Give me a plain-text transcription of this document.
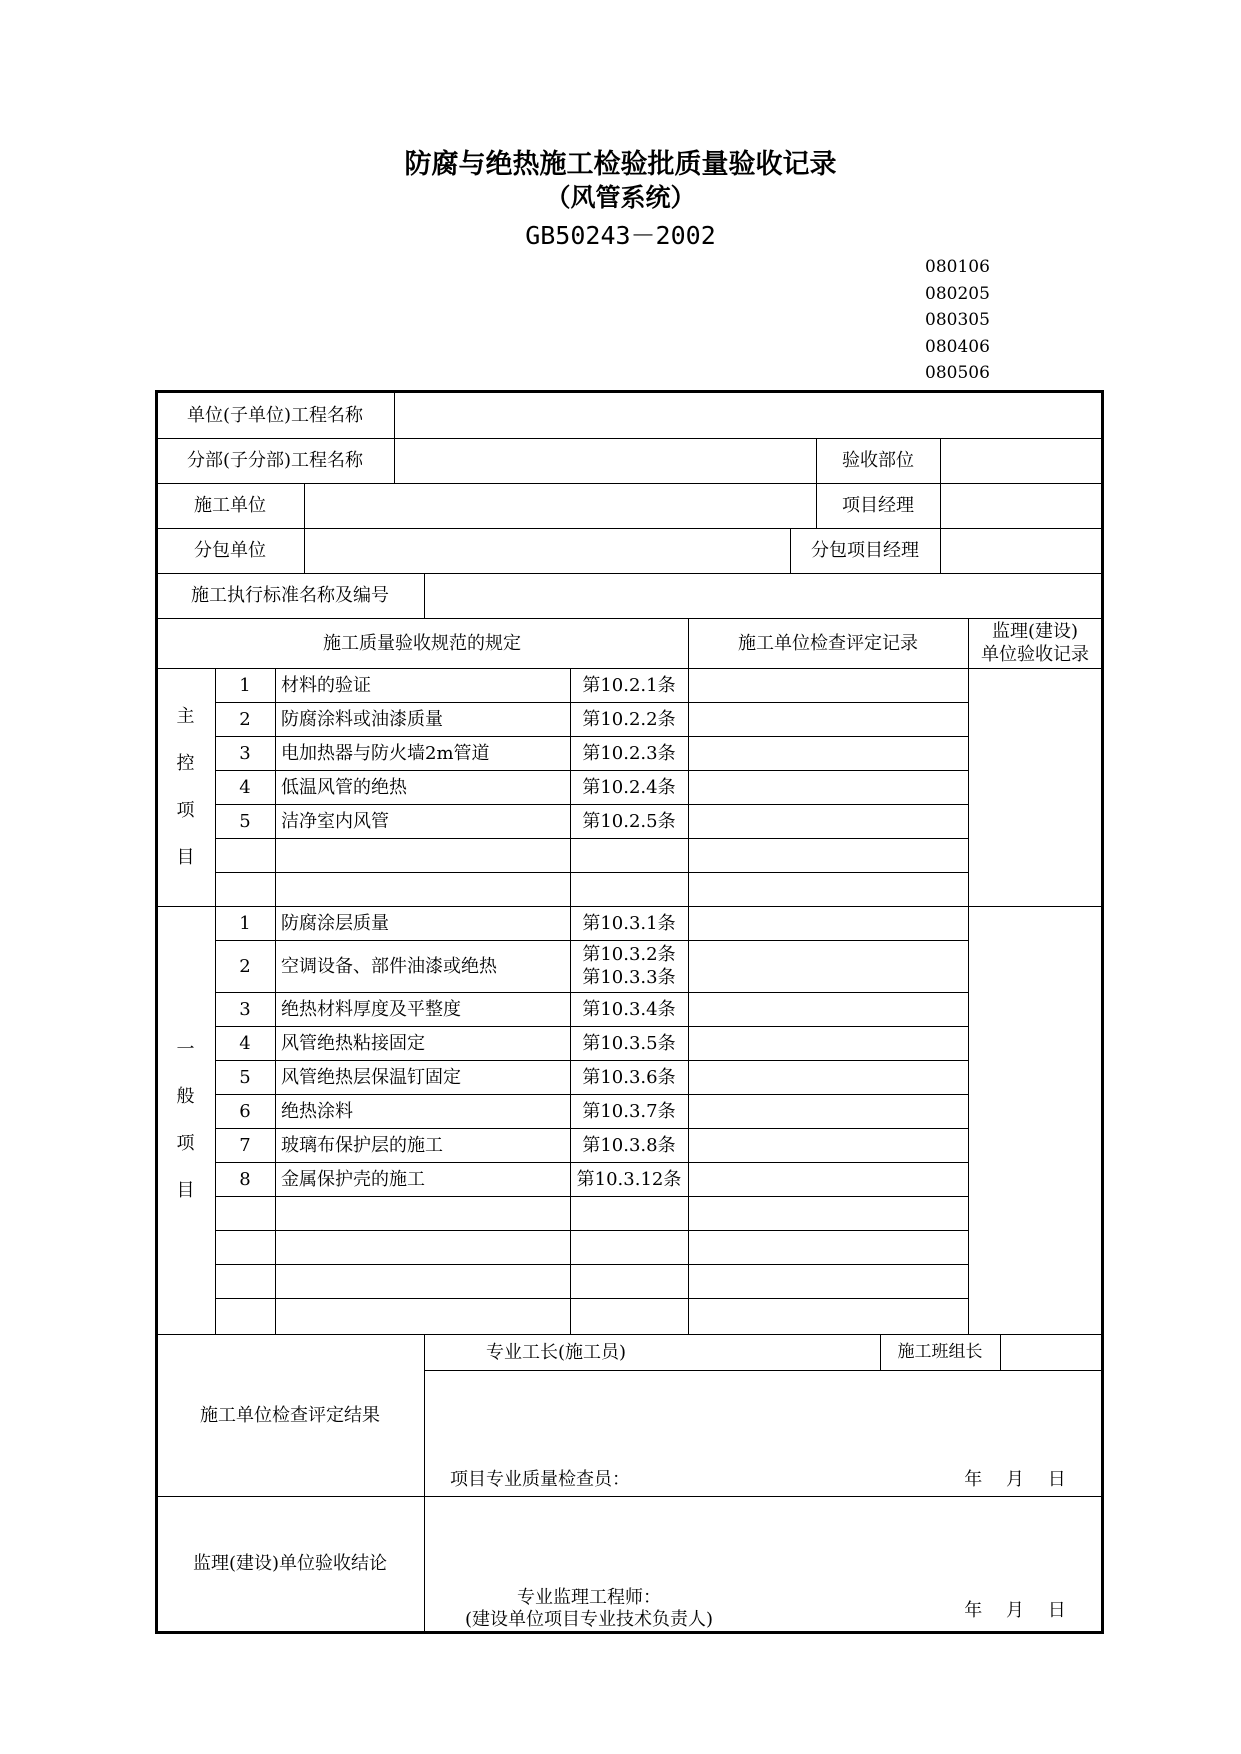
防腐与绝热施工检验批质量验收记录
（风管系统）
GB50243－2002
080106
080205
080305
080406
080506
单位(子单位)工程名称
分部(子分部)工程名称	验收部位
施工单位	项目经理
分包单位	分包项目经理
施工执行标准名称及编号
施工质量验收规范的规定	施工单位检查评定记录
监理(建设)
单位验收记录
主
控
项
目
1	材料的验证	第10.2.1条
2	防腐涂料或油漆质量	第10.2.2条
3	电加热器与防火墙2m管道	第10.2.3条
4	低温风管的绝热	第10.2.4条
5	洁净室内风管	第10.2.5条
一
般
项
目
1	防腐涂层质量	第10.3.1条
2	空调设备、部件油漆或绝热
第10.3.2条
第10.3.3条
3	绝热材料厚度及平整度	第10.3.4条
4	风管绝热粘接固定	第10.3.5条
5	风管绝热层保温钉固定	第10.3.6条
6	绝热涂料	第10.3.7条
7	玻璃布保护层的施工	第10.3.8条
8	金属保护壳的施工	第10.3.12条
专业工长(施工员)	施工班组长
施工单位检查评定结果
项目专业质量检查员：	年　 月　 日
监理(建设)单位验收结论
专业监理工程师：
(建设单位项目专业技术负责人)	年　 月　 日
